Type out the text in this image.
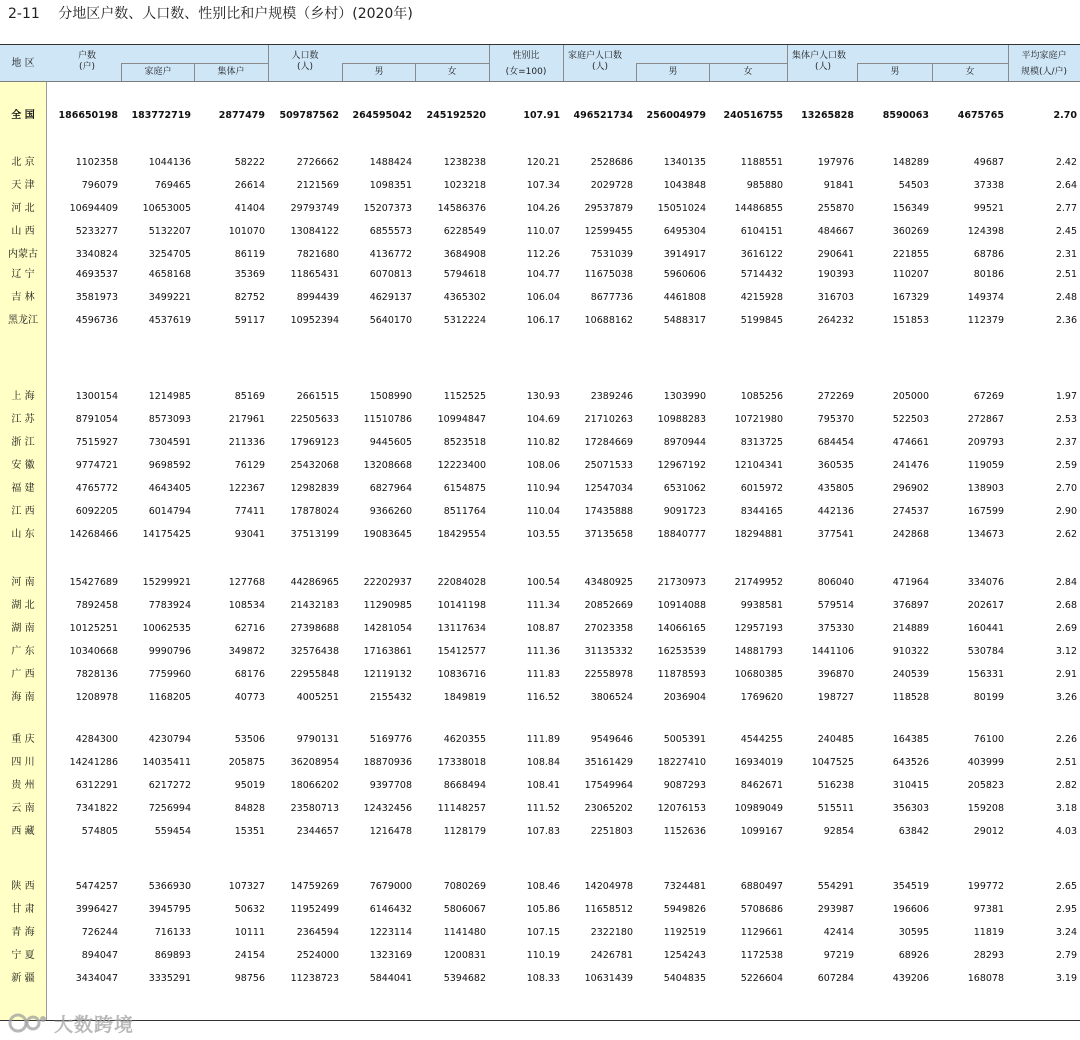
2-11 分地区户数、人口数、性别比和户规模（乡村）(2020年)
地 区
户数
(户)	家庭户	集体户
人口数
(人)	男	女
性别比
(女=100)
家庭户人口数
(人)	男	女
集体户人口数
(人)	男	女
平均家庭户
规模(人/户)
全 国	186650198	183772719	2877479	509787562	264595042	245192520	107.91	496521734	256004979	240516755	13265828	8590063	4675765	2.70
北 京	1102358	1044136	58222	2726662	1488424	1238238	120.21	2528686	1340135	1188551	197976	148289	49687	2.42
天 津	796079	769465	26614	2121569	1098351	1023218	107.34	2029728	1043848	985880	91841	54503	37338	2.64
河 北	10694409	10653005	41404	29793749	15207373	14586376	104.26	29537879	15051024	14486855	255870	156349	99521	2.77
山 西	5233277	5132207	101070	13084122	6855573	6228549	110.07	12599455	6495304	6104151	484667	360269	124398	2.45
内蒙古	3340824	3254705	86119	7821680	4136772	3684908	112.26	7531039	3914917	3616122	290641	221855	68786	2.31
辽 宁	4693537	4658168	35369	11865431	6070813	5794618	104.77	11675038	5960606	5714432	190393	110207	80186	2.51
吉 林	3581973	3499221	82752	8994439	4629137	4365302	106.04	8677736	4461808	4215928	316703	167329	149374	2.48
黑龙江	4596736	4537619	59117	10952394	5640170	5312224	106.17	10688162	5488317	5199845	264232	151853	112379	2.36
上 海	1300154	1214985	85169	2661515	1508990	1152525	130.93	2389246	1303990	1085256	272269	205000	67269	1.97
江 苏	8791054	8573093	217961	22505633	11510786	10994847	104.69	21710263	10988283	10721980	795370	522503	272867	2.53
浙 江	7515927	7304591	211336	17969123	9445605	8523518	110.82	17284669	8970944	8313725	684454	474661	209793	2.37
安 徽	9774721	9698592	76129	25432068	13208668	12223400	108.06	25071533	12967192	12104341	360535	241476	119059	2.59
福 建	4765772	4643405	122367	12982839	6827964	6154875	110.94	12547034	6531062	6015972	435805	296902	138903	2.70
江 西	6092205	6014794	77411	17878024	9366260	8511764	110.04	17435888	9091723	8344165	442136	274537	167599	2.90
山 东	14268466	14175425	93041	37513199	19083645	18429554	103.55	37135658	18840777	18294881	377541	242868	134673	2.62
河 南	15427689	15299921	127768	44286965	22202937	22084028	100.54	43480925	21730973	21749952	806040	471964	334076	2.84
湖 北	7892458	7783924	108534	21432183	11290985	10141198	111.34	20852669	10914088	9938581	579514	376897	202617	2.68
湖 南	10125251	10062535	62716	27398688	14281054	13117634	108.87	27023358	14066165	12957193	375330	214889	160441	2.69
广 东	10340668	9990796	349872	32576438	17163861	15412577	111.36	31135332	16253539	14881793	1441106	910322	530784	3.12
广 西	7828136	7759960	68176	22955848	12119132	10836716	111.83	22558978	11878593	10680385	396870	240539	156331	2.91
海 南	1208978	1168205	40773	4005251	2155432	1849819	116.52	3806524	2036904	1769620	198727	118528	80199	3.26
重 庆	4284300	4230794	53506	9790131	5169776	4620355	111.89	9549646	5005391	4544255	240485	164385	76100	2.26
四 川	14241286	14035411	205875	36208954	18870936	17338018	108.84	35161429	18227410	16934019	1047525	643526	403999	2.51
贵 州	6312291	6217272	95019	18066202	9397708	8668494	108.41	17549964	9087293	8462671	516238	310415	205823	2.82
云 南	7341822	7256994	84828	23580713	12432456	11148257	111.52	23065202	12076153	10989049	515511	356303	159208	3.18
西 藏	574805	559454	15351	2344657	1216478	1128179	107.83	2251803	1152636	1099167	92854	63842	29012	4.03
陕 西	5474257	5366930	107327	14759269	7679000	7080269	108.46	14204978	7324481	6880497	554291	354519	199772	2.65
甘 肃	3996427	3945795	50632	11952499	6146432	5806067	105.86	11658512	5949826	5708686	293987	196606	97381	2.95
青 海	726244	716133	10111	2364594	1223114	1141480	107.15	2322180	1192519	1129661	42414	30595	11819	3.24
宁 夏	894047	869893	24154	2524000	1323169	1200831	110.19	2426781	1254243	1172538	97219	68926	28293	2.79
新 疆	3434047	3335291	98756	11238723	5844041	5394682	108.33	10631439	5404835	5226604	607284	439206	168078	3.19
大数跨境
